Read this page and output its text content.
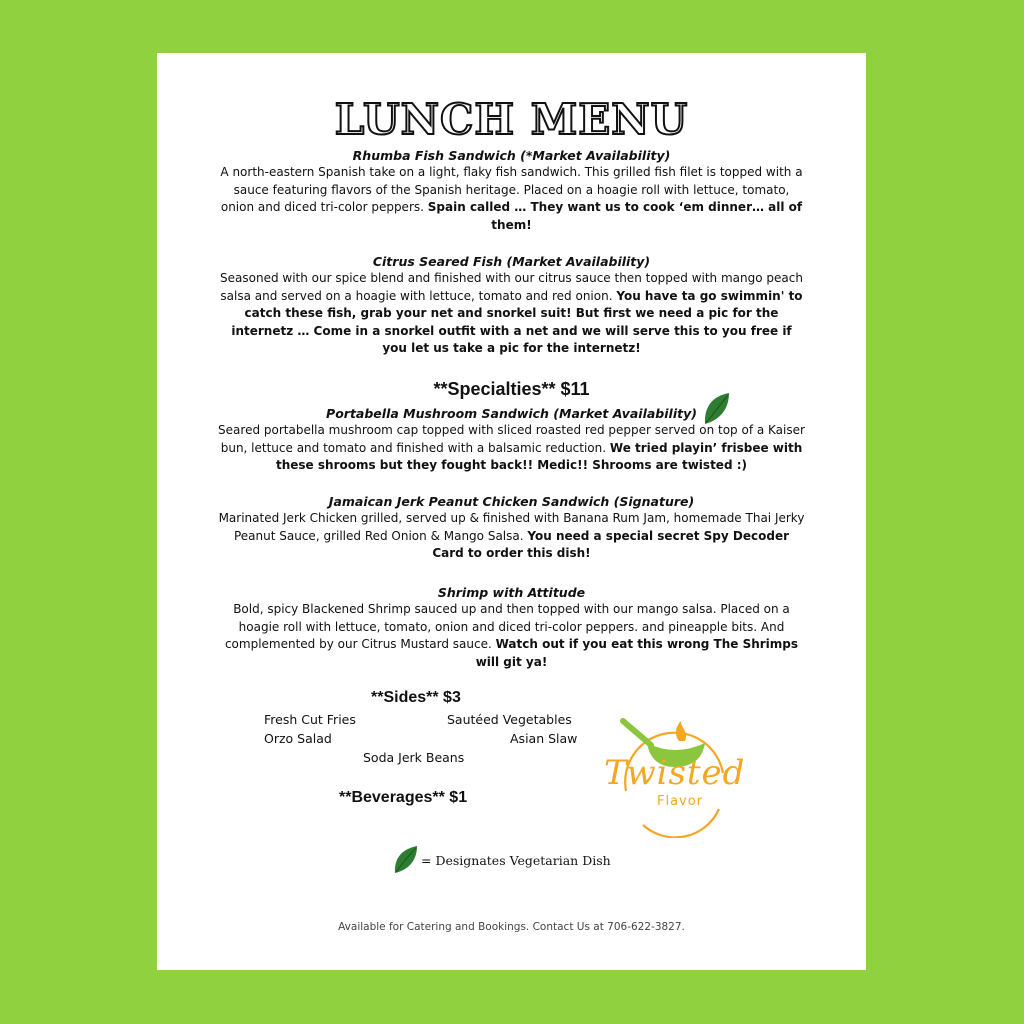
LUNCH MENU
Rhumba Fish Sandwich (*Market Availability)
A north-eastern Spanish take on a light, flaky fish sandwich. This grilled fish filet is topped with a sauce featuring flavors of the Spanish heritage. Placed on a hoagie roll with lettuce, tomato, onion and diced tri-color peppers. Spain called … They want us to cook ‘em dinner… all of them!
Citrus Seared Fish (Market Availability)
Seasoned with our spice blend and finished with our citrus sauce then topped with mango peach salsa and served on a hoagie with lettuce, tomato and red onion. You have ta go swimmin' to catch these fish, grab your net and snorkel suit! But first we need a pic for the internetz … Come in a snorkel outfit with a net and we will serve this to you free if you let us take a pic for the internetz!
**Specialties** $11
Portabella Mushroom Sandwich (Market Availability)
Seared portabella mushroom cap topped with sliced roasted red pepper served on top of a Kaiser bun, lettuce and tomato and finished with a balsamic reduction. We tried playin’ frisbee with these shrooms but they fought back!! Medic!! Shrooms are twisted :)
Jamaican Jerk Peanut Chicken Sandwich (Signature)
Marinated Jerk Chicken grilled, served up & finished with Banana Rum Jam, homemade Thai Jerky Peanut Sauce, grilled Red Onion & Mango Salsa. You need a special secret Spy Decoder Card to order this dish!
Shrimp with Attitude
Bold, spicy Blackened Shrimp sauced up and then topped with our mango salsa. Placed on a hoagie roll with lettuce, tomato, onion and diced tri-color peppers. and pineapple bits. And complemented by our Citrus Mustard sauce. Watch out if you eat this wrong The Shrimps will git ya!
**Sides** $3
Fresh Cut Fries	Sautéed Vegetables
Orzo Salad	Asian Slaw
Soda Jerk Beans
**Beverages** $1
Twisted
Flavor
= Designates Vegetarian Dish
Available for Catering and Bookings. Contact Us at 706-622-3827.
